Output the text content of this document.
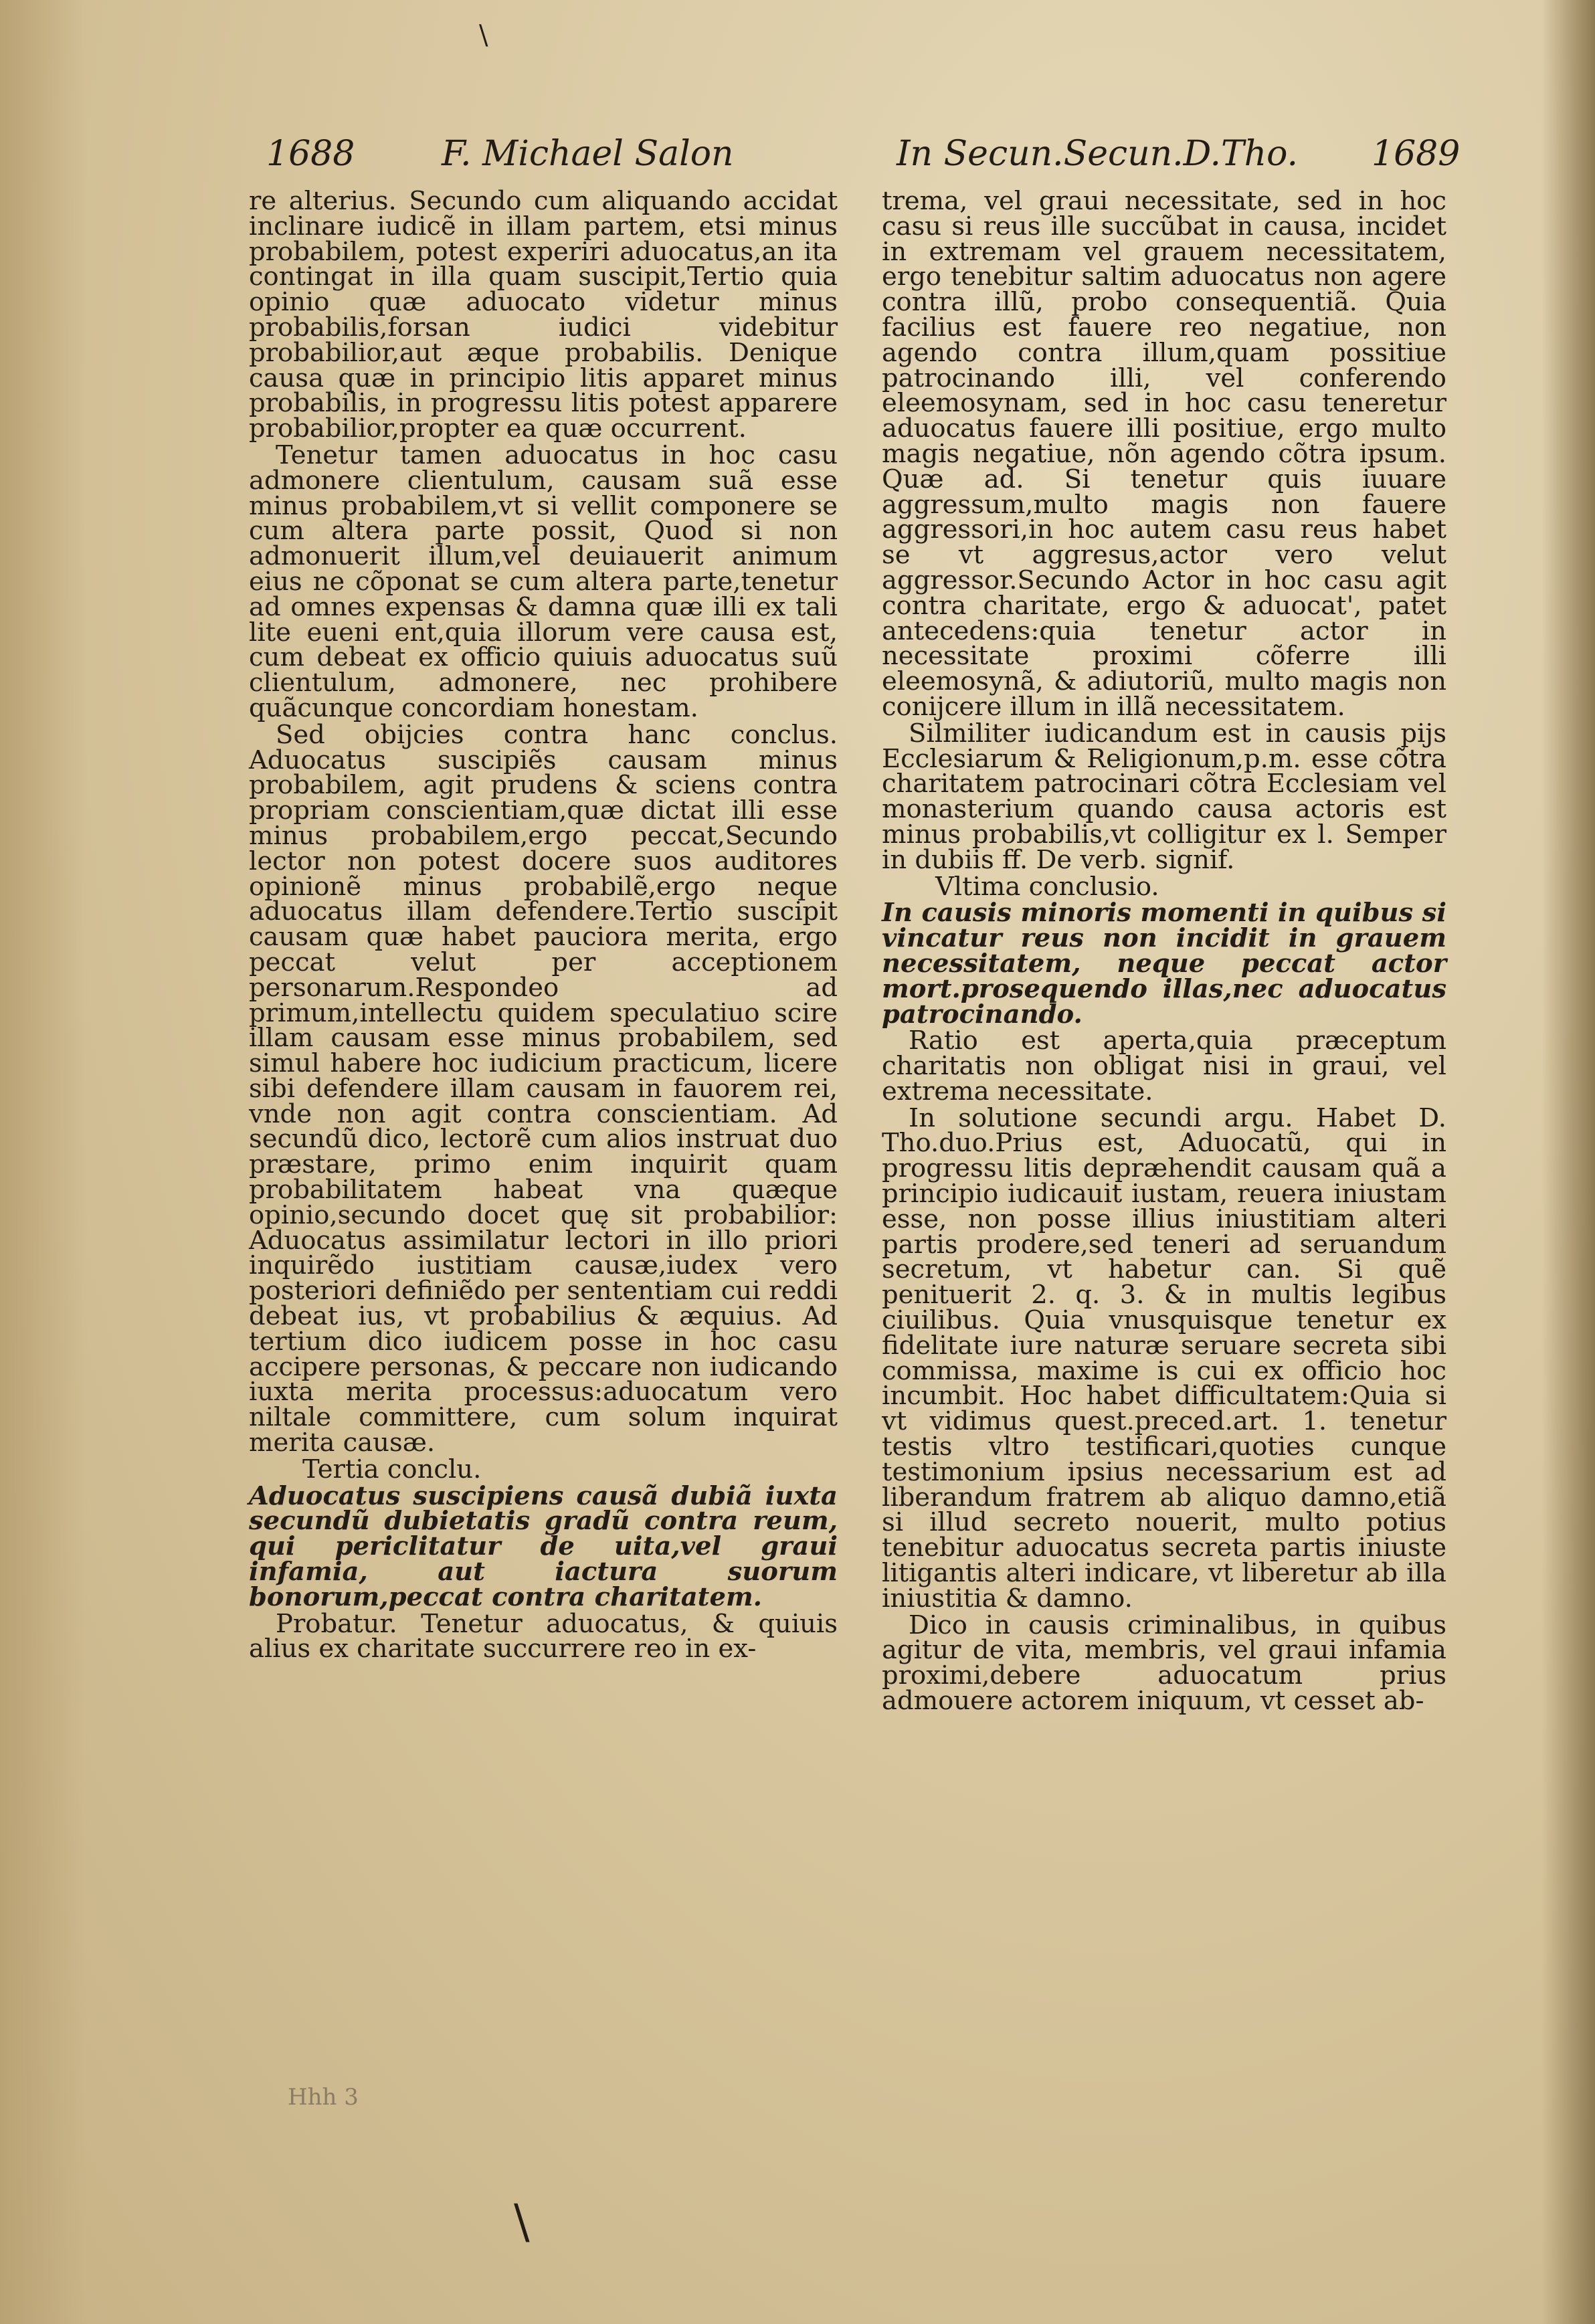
\
1688 F. Michael Salon	In Secun.Secun.D.Tho. 1689

re alterius. Secundo cum aliquando accidat inclinare iudicẽ in illam partem, etsi minus probabilem, potest experiri aduocatus,an ita contingat in illa quam suscipit,Tertio quia opinio quæ aduocato videtur minus probabilis,forsan iudici videbitur probabilior,aut æque probabilis. Denique causa quæ in principio litis apparet minus probabilis, in progressu litis potest apparere probabilior,propter ea quæ occurrent.

Tenetur tamen aduocatus in hoc casu admonere clientulum, causam suã esse minus probabilem,vt si vellit componere se cum altera parte possit, Quod si non admonuerit illum,vel deuiauerit animum eius ne cõponat se cum altera parte,tenetur ad omnes expensas & damna quæ illi ex tali lite eueni ent,quia illorum vere causa est, cum debeat ex officio quiuis aduocatus suũ clientulum, admonere, nec prohibere quãcunque concordiam honestam.

Sed obijcies contra hanc conclus. Aduocatus suscipiẽs causam minus probabilem, agit prudens & sciens contra propriam conscientiam,quæ dictat illi esse minus probabilem,ergo peccat,Secundo lector non potest docere suos auditores opinionẽ minus probabilẽ,ergo neque aduocatus illam defendere.Tertio suscipit causam quæ habet pauciora merita, ergo peccat velut per acceptionem personarum.Respondeo ad primum,intellectu quidem speculatiuo scire illam causam esse minus probabilem, sed simul habere hoc iudicium practicum, licere sibi defendere illam causam in fauorem rei, vnde non agit contra conscientiam. Ad secundũ dico, lectorẽ cum alios instruat duo præstare, primo enim inquirit quam probabilitatem habeat vna quæque opinio,secundo docet quę sit probabilior: Aduocatus assimilatur lectori in illo priori inquirẽdo iustitiam causæ,iudex vero posteriori definiẽdo per sententiam cui reddi debeat ius, vt probabilius & æquius. Ad tertium dico iudicem posse in hoc casu accipere personas, & peccare non iudicando iuxta merita processus:aduocatum vero niltale committere, cum solum inquirat merita causæ.

Tertia conclu.

Aduocatus suscipiens causã dubiã iuxta secundũ dubietatis gradũ contra reum, qui periclitatur de uita,vel graui infamia, aut iactura suorum bonorum,peccat contra charitatem.

Probatur. Tenetur aduocatus, & quiuis alius ex charitate succurrere reo in ex-

trema, vel graui necessitate, sed in hoc casu si reus ille succũbat in causa, incidet in extremam vel grauem necessitatem, ergo tenebitur saltim aduocatus non agere contra illũ, probo consequentiã. Quia facilius est fauere reo negatiue, non agendo contra illum,quam possitiue patrocinando illi, vel conferendo eleemosynam, sed in hoc casu teneretur aduocatus fauere illi positiue, ergo multo magis negatiue, nõn agendo cõtra ipsum. Quæ ad. Si tenetur quis iuuare aggressum,multo magis non fauere aggressori,in hoc autem casu reus habet se vt aggresus,actor vero velut aggressor.Secundo Actor in hoc casu agit contra charitate, ergo & aduocat', patet antecedens:quia tenetur actor in necessitate proximi cõferre illi eleemosynã, & adiutoriũ, multo magis non conijcere illum in illã necessitatem.

Silmiliter iudicandum est in causis pijs Ecclesiarum & Religionum,p.m. esse cõtra charitatem patrocinari cõtra Ecclesiam vel monasterium quando causa actoris est minus probabilis,vt colligitur ex l. Semper in dubiis ff. De verb. signif.

Vltima conclusio.

In causis minoris momenti in quibus si vincatur reus non incidit in grauem necessitatem, neque peccat actor mort.prosequendo illas,nec aduocatus patrocinando.

Ratio est aperta,quia præceptum charitatis non obligat nisi in graui, vel extrema necessitate.

In solutione secundi argu. Habet D. Tho.duo.Prius est, Aduocatũ, qui in progressu litis depræhendit causam quã a principio iudicauit iustam, reuera iniustam esse, non posse illius iniustitiam alteri partis prodere,sed teneri ad seruandum secretum, vt habetur can. Si quẽ penituerit 2. q. 3. & in multis legibus ciuilibus. Quia vnusquisque tenetur ex fidelitate iure naturæ seruare secreta sibi commissa, maxime is cui ex officio hoc incumbit. Hoc habet difficultatem:Quia si vt vidimus quest.preced.art. 1. tenetur testis vltro testificari,quoties cunque testimonium ipsius necessarium est ad liberandum fratrem ab aliquo damno,etiã si illud secreto nouerit, multo potius tenebitur aduocatus secreta partis iniuste litigantis alteri indicare, vt liberetur ab illa iniustitia & damno.

Dico in causis criminalibus, in quibus agitur de vita, membris, vel graui infamia proximi,debere aduocatum prius admouere actorem iniquum, vt cesset ab-

Hhh 3
\
